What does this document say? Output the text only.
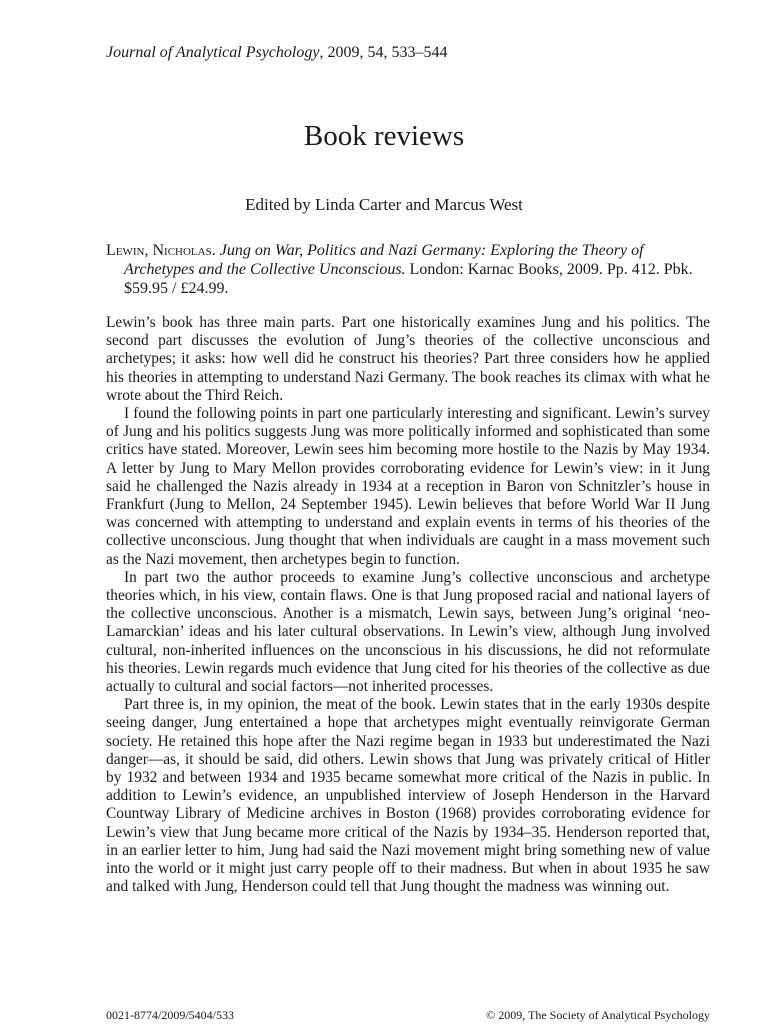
Journal of Analytical Psychology, 2009, 54, 533–544
Book reviews
Edited by Linda Carter and Marcus West
Lewin, Nicholas. Jung on War, Politics and Nazi Germany: Exploring the Theory of Archetypes and the Collective Unconscious. London: Karnac Books, 2009. Pp. 412. Pbk. $59.95 / £24.99.

Lewin’s book has three main parts. Part one historically examines Jung and his politics. The second part discusses the evolution of Jung’s theories of the collective unconscious and archetypes; it asks: how well did he construct his theories? Part three considers how he applied his theories in attempting to understand Nazi Germany. The book reaches its climax with what he wrote about the Third Reich.

I found the following points in part one particularly interesting and significant. Lewin’s survey of Jung and his politics suggests Jung was more politically informed and sophisticated than some critics have stated. Moreover, Lewin sees him becoming more hostile to the Nazis by May 1934. A letter by Jung to Mary Mellon provides corroborating evidence for Lewin’s view: in it Jung said he challenged the Nazis already in 1934 at a reception in Baron von Schnitzler’s house in Frankfurt (Jung to Mellon, 24 September 1945). Lewin believes that before World War II Jung was concerned with attempting to understand and explain events in terms of his theories of the collective unconscious. Jung thought that when individuals are caught in a mass movement such as the Nazi movement, then archetypes begin to function.

In part two the author proceeds to examine Jung’s collective unconscious and archetype theories which, in his view, contain flaws. One is that Jung proposed racial and national layers of the collective unconscious. Another is a mismatch, Lewin says, between Jung’s original ‘neo-Lamarckian’ ideas and his later cultural observations. In Lewin’s view, although Jung involved cultural, non-inherited influences on the unconscious in his discussions, he did not reformulate his theories. Lewin regards much evidence that Jung cited for his theories of the collective as due actually to cultural and social factors—not inherited processes.

Part three is, in my opinion, the meat of the book. Lewin states that in the early 1930s despite seeing danger, Jung entertained a hope that archetypes might eventually reinvigorate German society. He retained this hope after the Nazi regime began in 1933 but underestimated the Nazi danger—as, it should be said, did others. Lewin shows that Jung was privately critical of Hitler by 1932 and between 1934 and 1935 became somewhat more critical of the Nazis in public. In addition to Lewin’s evidence, an unpublished interview of Joseph Henderson in the Harvard Countway Library of Medicine archives in Boston (1968) provides corroborating evidence for Lewin’s view that Jung became more critical of the Nazis by 1934–35. Henderson reported that, in an earlier letter to him, Jung had said the Nazi movement might bring something new of value into the world or it might just carry people off to their madness. But when in about 1935 he saw and talked with Jung, Henderson could tell that Jung thought the madness was winning out.

0021-8774/2009/5404/533	© 2009, The Society of Analytical Psychology
